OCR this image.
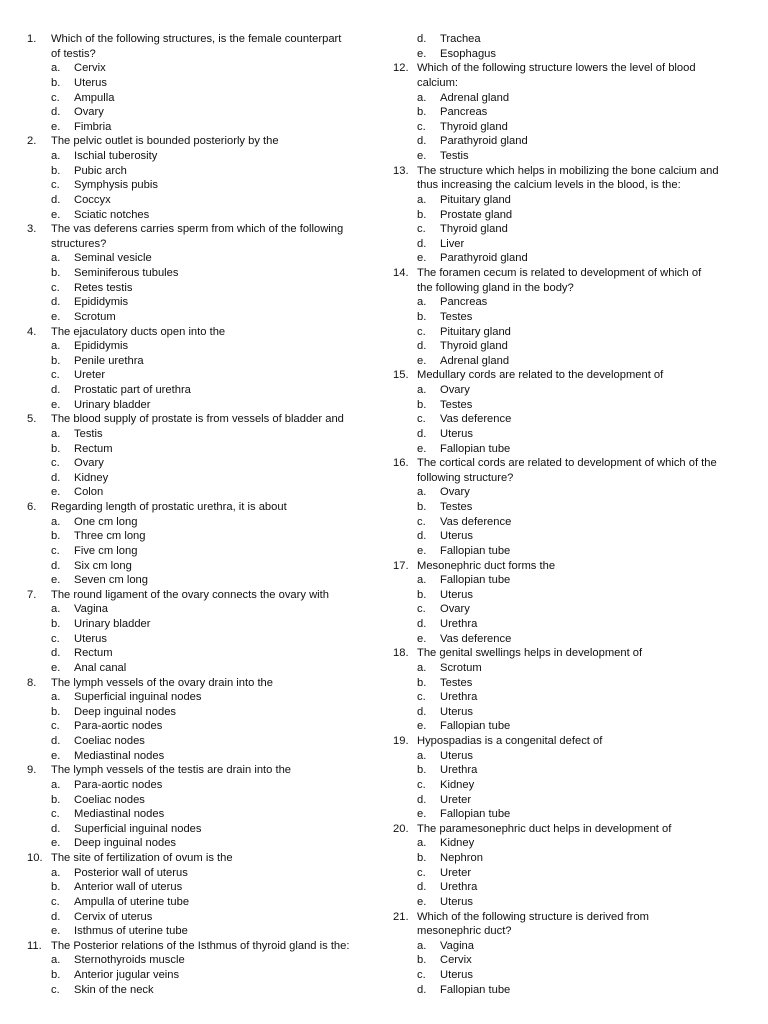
1. Which of the following structures, is the female counterpart
of testis?
a. Cervix
b. Uterus
c. Ampulla
d. Ovary
e. Fimbria
2. The pelvic outlet is bounded posteriorly by the
a. Ischial tuberosity
b. Pubic arch
c. Symphysis pubis
d. Coccyx
e. Sciatic notches
3. The vas deferens carries sperm from which of the following
structures?
a. Seminal vesicle
b. Seminiferous tubules
c. Retes testis
d. Epididymis
e. Scrotum
4. The ejaculatory ducts open into the
a. Epididymis
b. Penile urethra
c. Ureter
d. Prostatic part of urethra
e. Urinary bladder
5. The blood supply of prostate is from vessels of bladder and
a. Testis
b. Rectum
c. Ovary
d. Kidney
e. Colon
6. Regarding length of prostatic urethra, it is about
a. One cm long
b. Three cm long
c. Five cm long
d. Six cm long
e. Seven cm long
7. The round ligament of the ovary connects the ovary with
a. Vagina
b. Urinary bladder
c. Uterus
d. Rectum
e. Anal canal
8. The lymph vessels of the ovary drain into the
a. Superficial inguinal nodes
b. Deep inguinal nodes
c. Para-aortic nodes
d. Coeliac nodes
e. Mediastinal nodes
9. The lymph vessels of the testis are drain into the
a. Para-aortic nodes
b. Coeliac nodes
c. Mediastinal nodes
d. Superficial inguinal nodes
e. Deep inguinal nodes
10. The site of fertilization of ovum is the
a. Posterior wall of uterus
b. Anterior wall of uterus
c. Ampulla of uterine tube
d. Cervix of uterus
e. Isthmus of uterine tube
11. The Posterior relations of the Isthmus of thyroid gland is the:
a. Sternothyroids muscle
b. Anterior jugular veins
c. Skin of the neck
d. Trachea
e. Esophagus
12. Which of the following structure lowers the level of blood
calcium:
a. Adrenal gland
b. Pancreas
c. Thyroid gland
d. Parathyroid gland
e. Testis
13. The structure which helps in mobilizing the bone calcium and
thus increasing the calcium levels in the blood, is the:
a. Pituitary gland
b. Prostate gland
c. Thyroid gland
d. Liver
e. Parathyroid gland
14. The foramen cecum is related to development of which of
the following gland in the body?
a. Pancreas
b. Testes
c. Pituitary gland
d. Thyroid gland
e. Adrenal gland
15. Medullary cords are related to the development of
a. Ovary
b. Testes
c. Vas deference
d. Uterus
e. Fallopian tube
16. The cortical cords are related to development of which of the
following structure?
a. Ovary
b. Testes
c. Vas deference
d. Uterus
e. Fallopian tube
17. Mesonephric duct forms the
a. Fallopian tube
b. Uterus
c. Ovary
d. Urethra
e. Vas deference
18. The genital swellings helps in development of
a. Scrotum
b. Testes
c. Urethra
d. Uterus
e. Fallopian tube
19. Hypospadias is a congenital defect of
a. Uterus
b. Urethra
c. Kidney
d. Ureter
e. Fallopian tube
20. The paramesonephric duct helps in development of
a. Kidney
b. Nephron
c. Ureter
d. Urethra
e. Uterus
21. Which of the following structure is derived from
mesonephric duct?
a. Vagina
b. Cervix
c. Uterus
d. Fallopian tube
